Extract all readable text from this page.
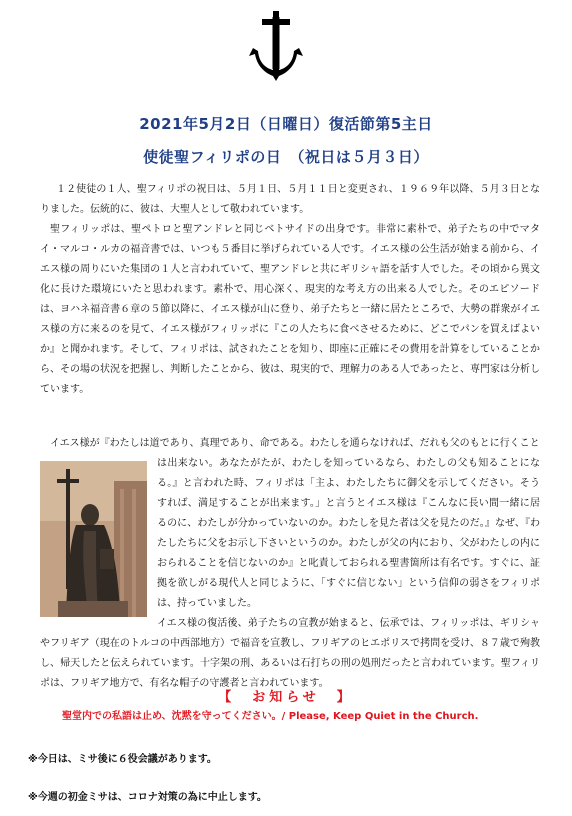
2021年5月2日（日曜日）復活節第5主日
使徒聖フィリポの日　（祝日は５月３日）

１２使徒の１人、聖フィリポの祝日は、５月１日、５月１１日と変更され、１９６９年以降、５月３日となりました。伝統的に、彼は、大聖人として敬われています。

聖フィリッポは、聖ペトロと聖アンドレと同じベトサイドの出身です。非常に素朴で、弟子たちの中でマタイ・マルコ・ルカの福音書では、いつも５番目に挙げられている人です。イエス様の公生活が始まる前から、イエス様の周りにいた集団の１人と言われていて、聖アンドレと共にギリシャ語を話す人でした。その頃から異文化に長けた環境にいたと思われます。素朴で、用心深く、現実的な考え方の出来る人でした。そのエピソードは、ヨハネ福音書６章の５節以降に、イエス様が山に登り、弟子たちと一緒に居たところで、大勢の群衆がイエス様の方に来るのを見て、イエス様がフィリッポに『この人たちに食べさせるために、どこでパンを買えばよいか』と聞かれます。そして、フィリポは、試されたことを知り、即座に正確にその費用を計算をしていることから、その場の状況を把握し、判断したことから、彼は、現実的で、理解力のある人であったと、専門家は分析しています。

イエス様が『わたしは道であり、真理であり、命である。わたしを通らなければ、だれも父のもとに行くこと

は出来ない。あなたがたが、わたしを知っているなら、わたしの父も知ることになる。』と言われた時、フィリポは「主よ、わたしたちに御父を示してください。そうすれば、満足することが出来ます。」と言うとイエス様は『こんなに長い間一緒に居るのに、わたしが分かっていないのか。わたしを見た者は父を見たのだ。』なぜ、『わたしたちに父をお示し下さいというのか。わたしが父の内におり、父がわたしの内におられることを信じないのか』と叱責しておられる聖書箇所は有名です。すぐに、証拠を欲しがる現代人と同じように、「すぐに信じない」という信仰の弱さをフィリポは、持っていました。

イエス様の復活後、弟子たちの宣教が始まると、伝承では、フィリッポは、ギリシャやフリギア（現在のトルコの中西部地方）で福音を宣教し、フリギアのヒエポリスで拷問を受け、８７歳で殉教し、帰天したと伝えられています。十字架の刑、あるいは石打ちの刑の処刑だったと言われています。聖フィリポは、フリギア地方で、有名な帽子の守護者と言われています。

【　お知らせ　】

聖堂内での私語は止め、沈黙を守ってください。/ Please, Keep Quiet in the Church.

※今日は、ミサ後に６役会議があります。
※今週の初金ミサは、コロナ対策の為に中止します。
